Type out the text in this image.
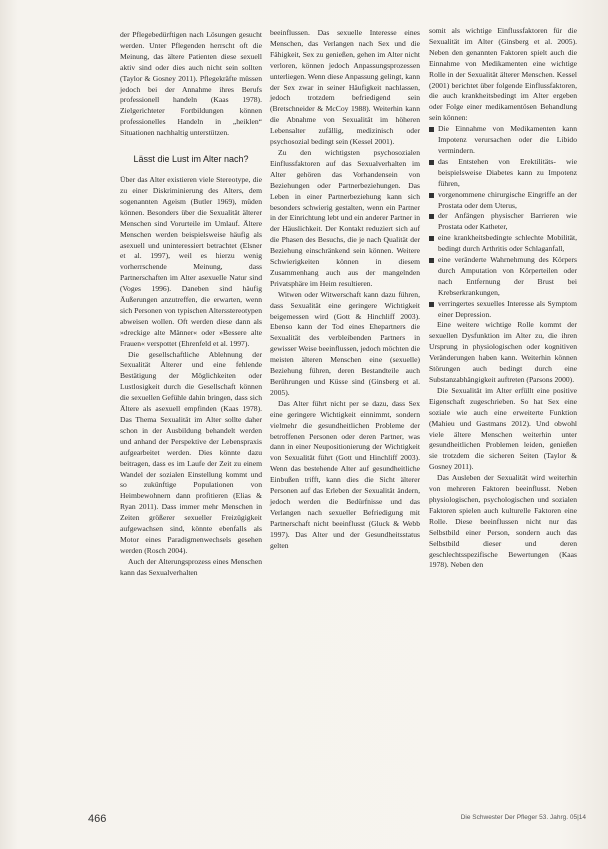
der Pflegebedürftigen nach Lösungen gesucht werden. Unter Pflegenden herrscht oft die Meinung, das ältere Patienten diese sexuell aktiv sind oder dies auch nicht sein sollten (Taylor & Gosney 2011). Pflegekräfte müssen jedoch bei der Annahme ihres Berufs professionell handeln (Kaas 1978). Zielgerichteter Fortbildungen können professionelles Handeln in „heiklen“ Situationen nachhaltig unterstützen.

Lässt die Lust im Alter nach?

Über das Alter existieren viele Stereotype, die zu einer Diskriminierung des Alters, dem sogenannten Ageism (Butler 1969), müden können. Besonders über die Sexualität älterer Menschen sind Vorurteile im Umlauf. Ältere Menschen werden beispielsweise häufig als asexuell und uninteressiert betrachtet (Elsner et al. 1997), weil es hierzu wenig vorherrschende Meinung, dass Partnerschaften im Alter asexuelle Natur sind (Voges 1996). Daneben sind häufig Äußerungen anzutreffen, die erwarten, wenn sich Personen von typischen Altersstereotypen abweisen wollen. Oft werden diese dann als »dreckige alte Männer« oder »Bessere alte Frauen« verspottet (Ehrenfeld et al. 1997).

Die gesellschaftliche Ablehnung der Sexualität Älterer und eine fehlende Bestätigung der Möglichkeiten oder Lustlosigkeit durch die Gesellschaft können die sexuellen Gefühle dahin bringen, dass sich Ältere als asexuell empfinden (Kaas 1978). Das Thema Sexualität im Alter sollte daher schon in der Ausbildung behandelt werden und anhand der Perspektive der Lebenspraxis aufgearbeitet werden. Dies könnte dazu beitragen, dass es im Laufe der Zeit zu einem Wandel der sozialen Einstellung kommt und so zukünftige Populationen von Heimbewohnern dann profitieren (Elias & Ryan 2011). Dass immer mehr Menschen in Zeiten größerer sexueller Freizügigkeit aufgewachsen sind, könnte ebenfalls als Motor eines Paradigmenwechsels gesehen werden (Rosch 2004).

Auch der Alterungsprozess eines Menschen kann das Sexualverhalten

beeinflussen. Das sexuelle Interesse eines Menschen, das Verlangen nach Sex und die Fähigkeit, Sex zu genießen, gehen im Alter nicht verloren, können jedoch Anpassungsprozessen unterliegen. Wenn diese Anpassung gelingt, kann der Sex zwar in seiner Häufigkeit nachlassen, jedoch trotzdem befriedigend sein (Bretschneider & McCoy 1988). Weiterhin kann die Abnahme von Sexualität im höheren Lebensalter zufällig, medizinisch oder psychosozial bedingt sein (Kessel 2001).

Zu den wichtigsten psychosozialen Einflussfaktoren auf das Sexualverhalten im Alter gehören das Vorhandensein von Beziehungen oder Partnerbeziehungen. Das Leben in einer Partnerbeziehung kann sich besonders schwierig gestalten, wenn ein Partner in der Einrichtung lebt und ein anderer Partner in der Häuslichkeit. Der Kontakt reduziert sich auf die Phasen des Besuchs, die je nach Qualität der Beziehung einschränkend sein können. Weitere Schwierigkeiten können in diesem Zusammenhang auch aus der mangelnden Privatsphäre im Heim resultieren.

Witwen oder Witwerschaft kann dazu führen, dass Sexualität eine geringere Wichtigkeit beigemessen wird (Gott & Hinchliff 2003). Ebenso kann der Tod eines Ehepartners die Sexualität des verbleibenden Partners in gewisser Weise beeinflussen, jedoch möchten die meisten älteren Menschen eine (sexuelle) Beziehung führen, deren Bestandteile auch Berührungen und Küsse sind (Ginsberg et al. 2005).

Das Alter führt nicht per se dazu, dass Sex eine geringere Wichtigkeit einnimmt, sondern vielmehr die gesundheitlichen Probleme der betroffenen Personen oder deren Partner, was dann in einer Neupositionierung der Wichtigkeit von Sexualität führt (Gott und Hinchliff 2003). Wenn das bestehende Alter auf gesundheitliche Einbußen trifft, kann dies die Sicht älterer Personen auf das Erleben der Sexualität ändern, jedoch werden die Bedürfnisse und das Verlangen nach sexueller Befriedigung mit Partnerschaft nicht beeinflusst (Gluck & Webb 1997). Das Alter und der Gesundheitsstatus gelten

somit als wichtige Einflussfaktoren für die Sexualität im Alter (Ginsberg et al. 2005). Neben den genannten Faktoren spielt auch die Einnahme von Medikamenten eine wichtige Rolle in der Sexualität älterer Menschen. Kessel (2001) berichtet über folgende Einflussfaktoren, die auch krankheitsbedingt im Alter ergeben oder Folge einer medikamentösen Behandlung sein können:

Die Einnahme von Medikamenten kann Impotenz verursachen oder die Libido vermindern.

das Entstehen von Erektilitäts- wie beispielsweise Diabetes kann zu Impotenz führen,

vorgenommene chirurgische Eingriffe an der Prostata oder dem Uterus,

der Anfängen physischer Barrieren wie Prostata oder Katheter,

eine krankheitsbedingte schlechte Mobilität, bedingt durch Arthritis oder Schlaganfall,

eine veränderte Wahrnehmung des Körpers durch Amputation von Körperteilen oder nach Entfernung der Brust bei Krebserkrankungen,

verringertes sexuelles Interesse als Symptom einer Depression.

Eine weitere wichtige Rolle kommt der sexuellen Dysfunktion im Alter zu, die ihren Ursprung in physiologischen oder kognitiven Veränderungen haben kann. Weiterhin können Störungen auch bedingt durch eine Substanzabhängigkeit auftreten (Parsons 2000).

Die Sexualität im Alter erfüllt eine positive Eigenschaft zugeschrieben. So hat Sex eine soziale wie auch eine erweiterte Funktion (Mahieu und Gastmans 2012). Und obwohl viele ältere Menschen weiterhin unter gesundheitlichen Problemen leiden, genießen sie trotzdem die sicheren Seiten (Taylor & Gosney 2011).

Das Ausleben der Sexualität wird weiterhin von mehreren Faktoren beeinflusst. Neben physiologischen, psychologischen und sozialen Faktoren spielen auch kulturelle Faktoren eine Rolle. Diese beeinflussen nicht nur das Selbstbild einer Person, sondern auch das Selbstbild dieser und deren geschlechtsspezifische Bewertungen (Kaas 1978). Neben den

466	Die Schwester Der Pfleger 53. Jahrg. 05|14
